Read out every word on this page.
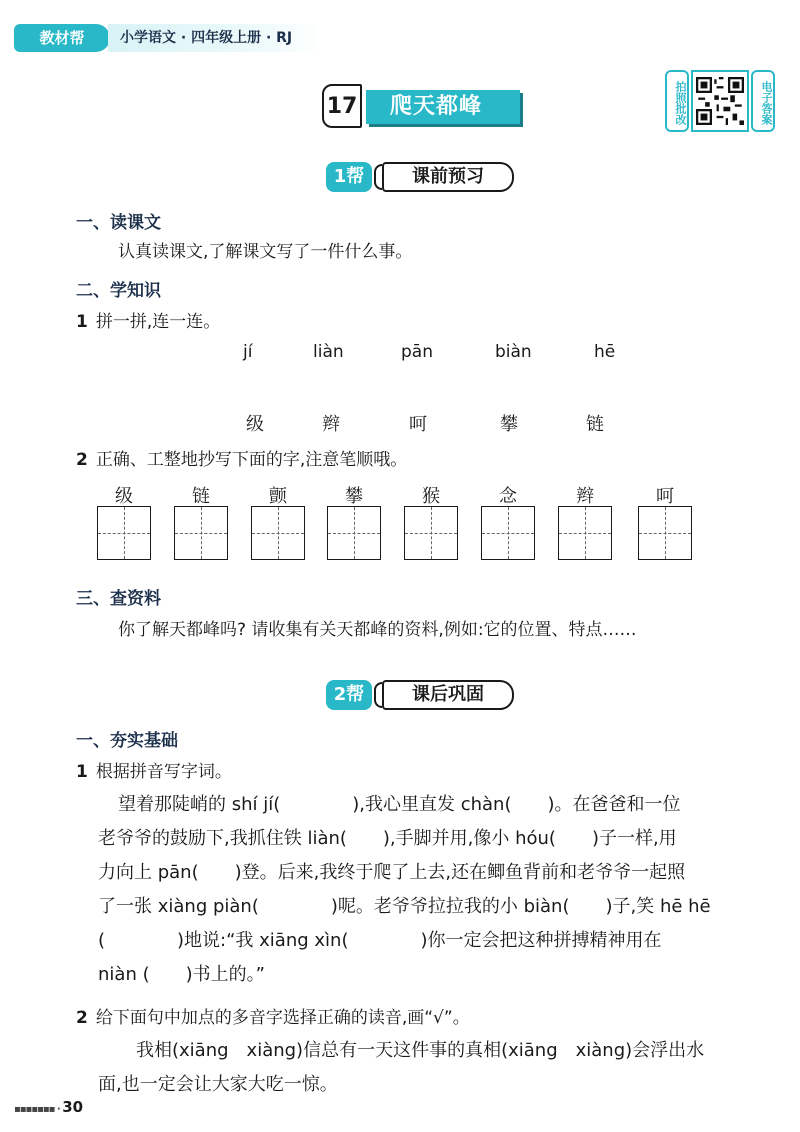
教材帮	小学语文 · 四年级上册 · RJ
拍照批改	电子答案
17	爬天都峰
1帮	课前预习
一、读课文
认真读课文,了解课文写了一件什么事。
二、学知识
1 拼一拼,连一连。
jí	liàn	pān	biàn	hē
级	辫	呵	攀	链
2 正确、工整地抄写下面的字,注意笔顺哦。
级	链	颤	攀	猴	念	辫	呵
三、查资料
你了解天都峰吗? 请收集有关天都峰的资料,例如:它的位置、特点……
2帮	课后巩固
一、夯实基础
1 根据拼音写字词。
　望着那陡峭的 shí jí(　　　　),我心里直发 chàn(　　)。在爸爸和一位
老爷爷的鼓励下,我抓住铁 liàn(　　),手脚并用,像小 hóu(　　)子一样,用
力向上 pān(　　)登。后来,我终于爬了上去,还在鲫鱼背前和老爷爷一起照
了一张 xiàng piàn(　　　　)呢。老爷爷拉拉我的小 biàn(　　)子,笑 hē hē
(　　　　)地说:“我 xiāng xìn(　　　　)你一定会把这种拼搏精神用在
niàn (　　)书上的。”
2 给下面句中加点的多音字选择正确的读音,画“√”。
　我相(xiāng　xiàng)信总有一天这件事的真相(xiāng　xiàng)会浮出水
面,也一定会让大家大吃一惊。
▪▪▪▪▪▪▪ · 30
